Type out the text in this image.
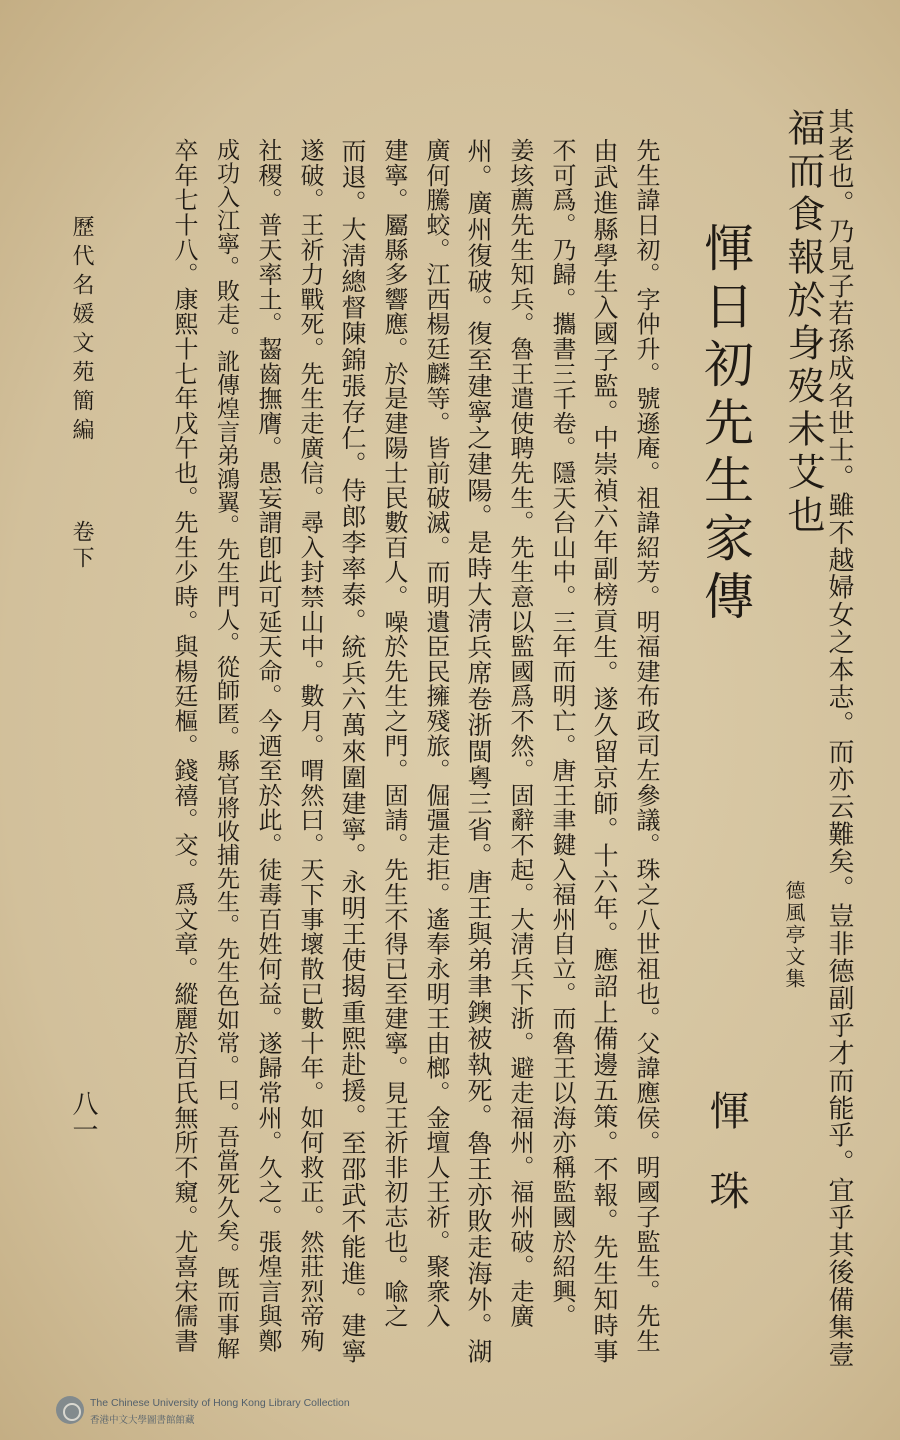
其老也。乃見子若孫成名世士。雖不越婦女之本志。而亦云難矣。豈非德副乎才而能乎。宜乎其後備集壹
福而食報於身歿未艾也
德風亭文集
惲日初先生家傳
惲珠
先生諱日初。字仲升。號遜庵。祖諱紹芳。明福建布政司左參議。珠之八世祖也。父諱應侯。明國子監生。先生
由武進縣學生入國子監。中崇禎六年副榜貢生。遂久留京師。十六年。應詔上備邊五策。不報。先生知時事
不可爲。乃歸。攜書三千卷。隱天台山中。三年而明亡。唐王聿鍵入福州自立。而魯王以海亦稱監國於紹興。
姜垓薦先生知兵。魯王遣使聘先生。先生意以監國爲不然。固辭不起。大淸兵下浙。避走福州。福州破。走廣
州。廣州復破。復至建寧之建陽。是時大淸兵席卷浙閩粵三省。唐王與弟聿鐭被執死。魯王亦敗走海外。湖
廣何騰蛟。江西楊廷麟等。皆前破滅。而明遺臣民擁殘旅。倔彊走拒。遙奉永明王由榔。金壇人王祈。聚衆入
建寧。屬縣多響應。於是建陽士民數百人。噪於先生之門。固請。先生不得已至建寧。見王祈非初志也。喩之
而退。大淸總督陳錦張存仁。侍郎李率泰。統兵六萬來圍建寧。永明王使揭重熙赴援。至邵武不能進。建寧
遂破。王祈力戰死。先生走廣信。尋入封禁山中。數月。喟然曰。天下事壞散已數十年。如何救正。然莊烈帝殉
社稷。普天率土。齧齒撫膺。愚妄謂卽此可延天命。今迺至於此。徒毒百姓何益。遂歸常州。久之。張煌言與鄭
成功入江寧。敗走。訛傳煌言弟鴻翼。先生門人。從師匿。縣官將收捕先生。先生色如常。曰。吾當死久矣。旣而事解
卒年七十八。康熙十七年戊午也。先生少時。與楊廷樞。錢禧。交。爲文章。縱麗於百氏無所不窺。尤喜宋儒書
歷代名媛文苑簡編
卷下
八一
The Chinese University of Hong Kong Library Collection
香港中文大學圖書館館藏
